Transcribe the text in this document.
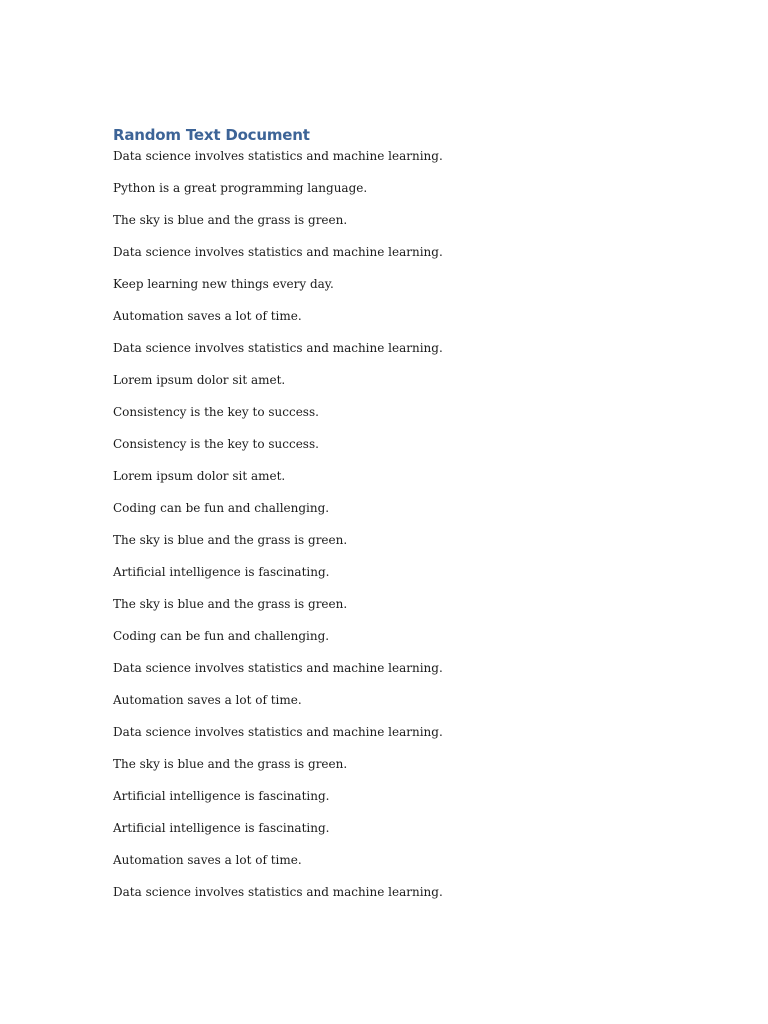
Random Text Document

Data science involves statistics and machine learning.

Python is a great programming language.

The sky is blue and the grass is green.

Data science involves statistics and machine learning.

Keep learning new things every day.

Automation saves a lot of time.

Data science involves statistics and machine learning.

Lorem ipsum dolor sit amet.

Consistency is the key to success.

Consistency is the key to success.

Lorem ipsum dolor sit amet.

Coding can be fun and challenging.

The sky is blue and the grass is green.

Artificial intelligence is fascinating.

The sky is blue and the grass is green.

Coding can be fun and challenging.

Data science involves statistics and machine learning.

Automation saves a lot of time.

Data science involves statistics and machine learning.

The sky is blue and the grass is green.

Artificial intelligence is fascinating.

Artificial intelligence is fascinating.

Automation saves a lot of time.

Data science involves statistics and machine learning.
